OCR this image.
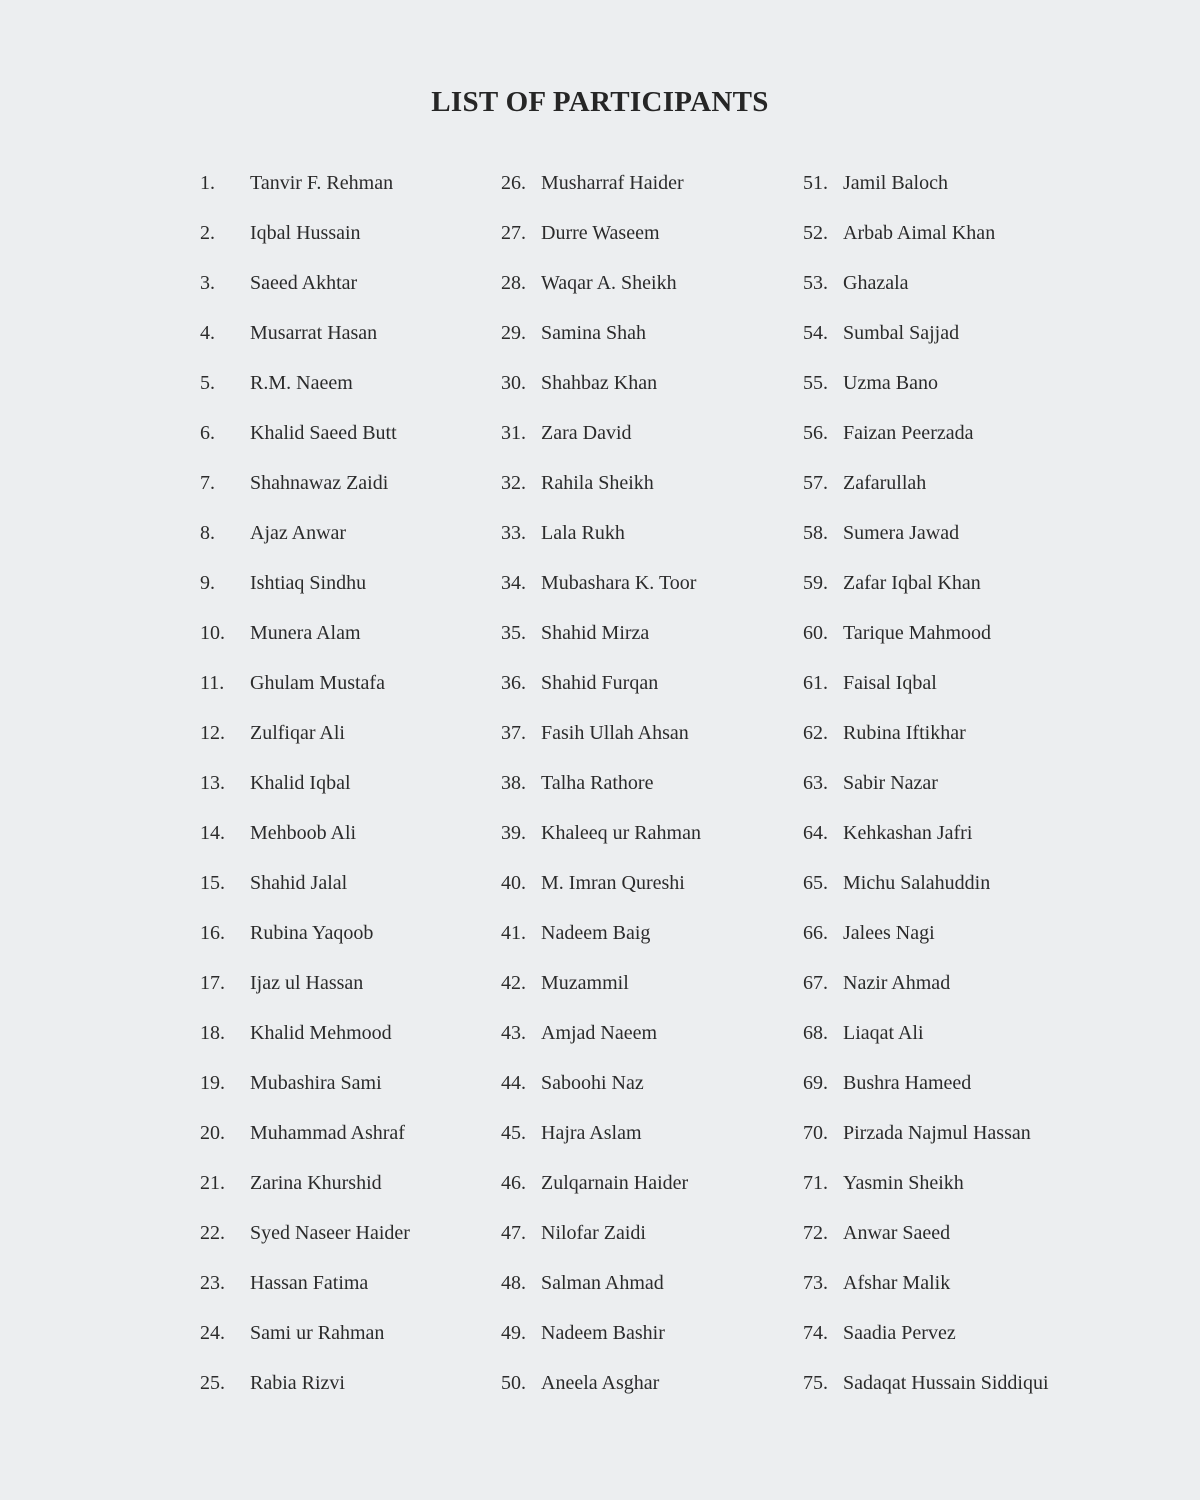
LIST OF PARTICIPANTS
1.	Tanvir F. Rehman
2.	Iqbal Hussain
3.	Saeed Akhtar
4.	Musarrat Hasan
5.	R.M. Naeem
6.	Khalid Saeed Butt
7.	Shahnawaz Zaidi
8.	Ajaz Anwar
9.	Ishtiaq Sindhu
10.	Munera Alam
11.	Ghulam Mustafa
12.	Zulfiqar Ali
13.	Khalid Iqbal
14.	Mehboob Ali
15.	Shahid Jalal
16.	Rubina Yaqoob
17.	Ijaz ul Hassan
18.	Khalid Mehmood
19.	Mubashira Sami
20.	Muhammad Ashraf
21.	Zarina Khurshid
22.	Syed Naseer Haider
23.	Hassan Fatima
24.	Sami ur Rahman
25.	Rabia Rizvi
26. Musharraf Haider
27. Durre Waseem
28. Waqar A. Sheikh
29. Samina Shah
30. Shahbaz Khan
31. Zara David
32. Rahila Sheikh
33. Lala Rukh
34. Mubashara K. Toor
35. Shahid Mirza
36. Shahid Furqan
37. Fasih Ullah Ahsan
38. Talha Rathore
39. Khaleeq ur Rahman
40. M. Imran Qureshi
41. Nadeem Baig
42. Muzammil
43. Amjad Naeem
44. Saboohi Naz
45. Hajra Aslam
46. Zulqarnain Haider
47. Nilofar Zaidi
48. Salman Ahmad
49. Nadeem Bashir
50. Aneela Asghar
51. Jamil Baloch
52. Arbab Aimal Khan
53. Ghazala
54. Sumbal Sajjad
55. Uzma Bano
56. Faizan Peerzada
57. Zafarullah
58. Sumera Jawad
59. Zafar Iqbal Khan
60. Tarique Mahmood
61. Faisal Iqbal
62. Rubina Iftikhar
63. Sabir Nazar
64. Kehkashan Jafri
65. Michu Salahuddin
66. Jalees Nagi
67. Nazir Ahmad
68. Liaqat Ali
69. Bushra Hameed
70. Pirzada Najmul Hassan
71. Yasmin Sheikh
72. Anwar Saeed
73. Afshar Malik
74. Saadia Pervez
75. Sadaqat Hussain Siddiqui
